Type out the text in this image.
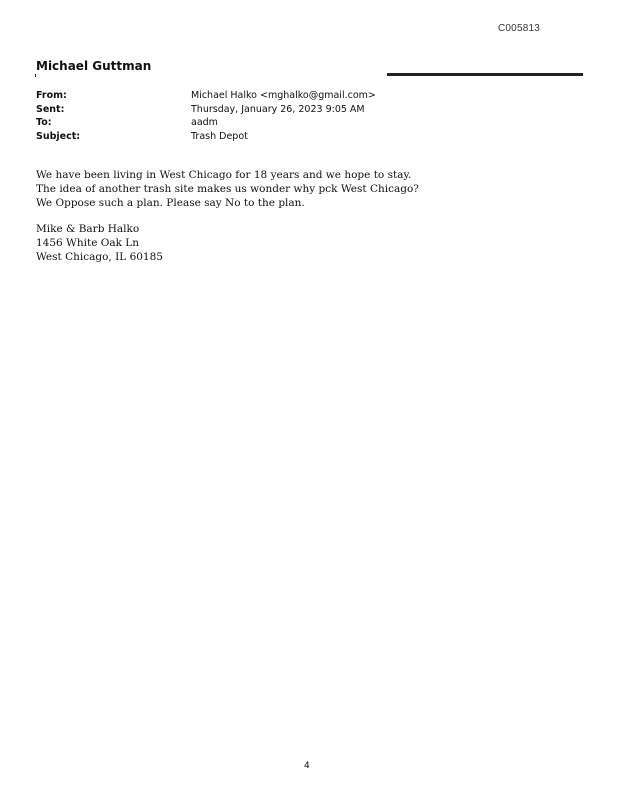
C005813
Michael Guttman
From:	Michael Halko <mghalko@gmail.com>
Sent:	Thursday, January 26, 2023 9:05 AM
To:	aadm
Subject:	Trash Depot

We have been living in West Chicago for 18 years and we hope to stay.

The idea of another trash site makes us wonder why pck West Chicago?

We Oppose such a plan. Please say No to the plan.

Mike & Barb Halko

1456 White Oak Ln

West Chicago, IL 60185

4
